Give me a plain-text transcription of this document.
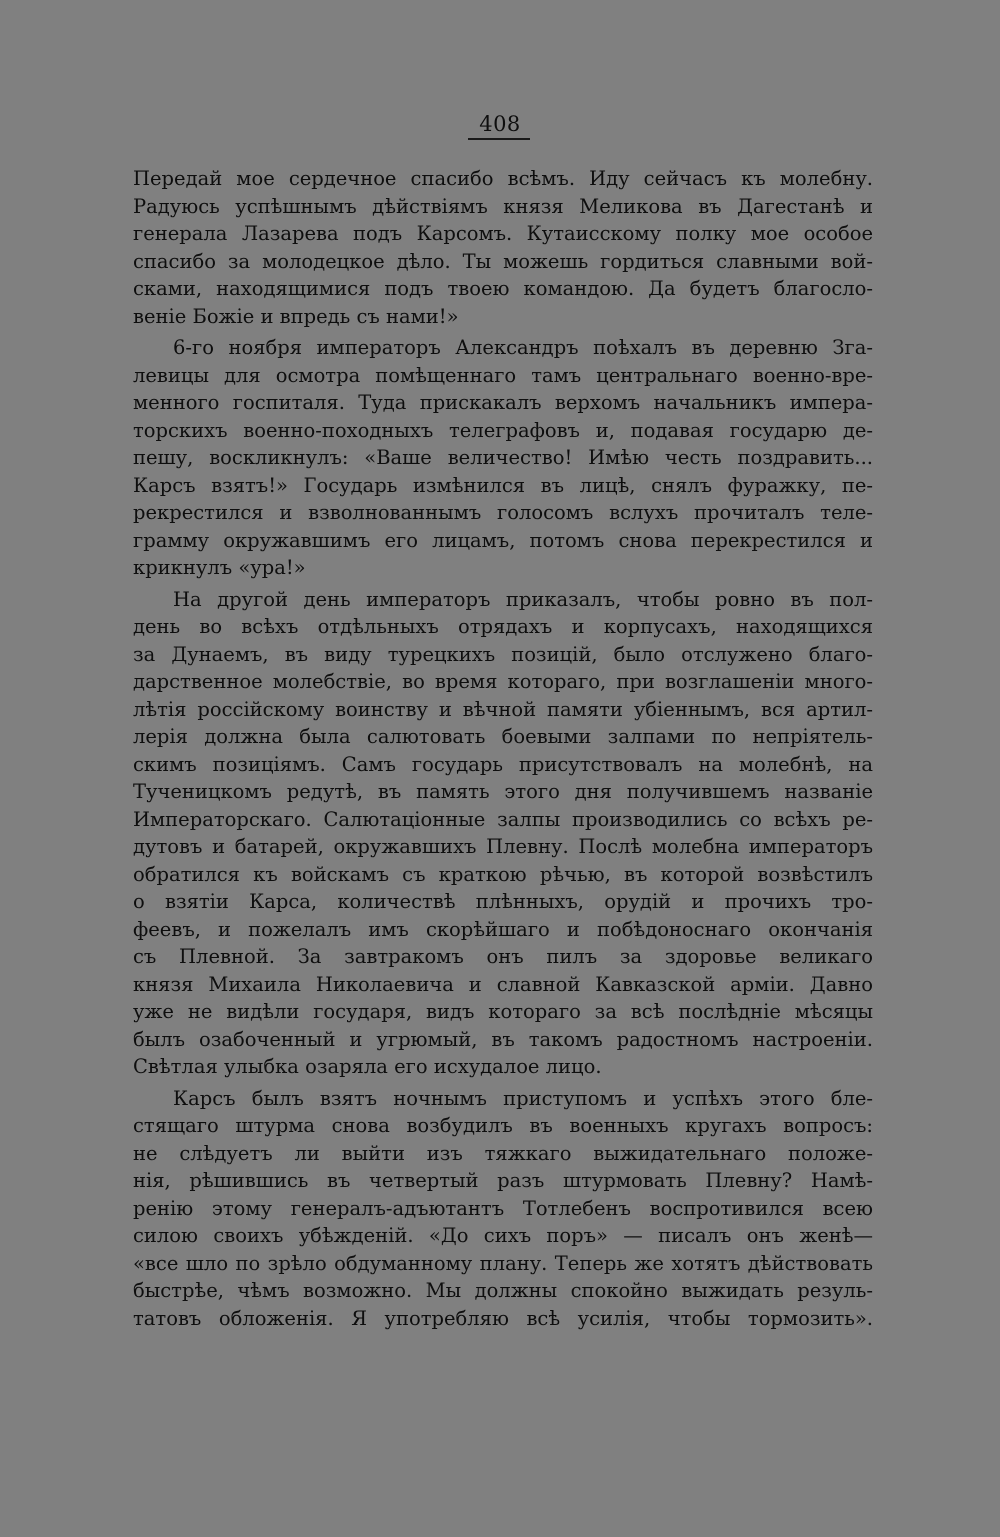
408
Передай мое сердечное спасибо всѣмъ. Иду сейчасъ къ молебну.
Радуюсь успѣшнымъ дѣйствіямъ князя Меликова въ Дагестанѣ и
генерала Лазарева подъ Карсомъ. Кутаисскому полку мое особое
спасибо за молодецкое дѣло. Ты можешь гордиться славными вой-
сками, находящимися подъ твоею командою. Да будетъ благосло-
веніе Божіе и впредь съ нами!»
6-го ноября императоръ Александръ поѣхалъ въ деревню Зга-
левицы для осмотра помѣщеннаго тамъ центральнаго военно-вре-
менного госпиталя. Туда прискакалъ верхомъ начальникъ импера-
торскихъ военно-походныхъ телеграфовъ и, подавая государю де-
пешу, воскликнулъ: «Ваше величество! Имѣю честь поздравить...
Карсъ взятъ!» Государь измѣнился въ лицѣ, снялъ фуражку, пе-
рекрестился и взволнованнымъ голосомъ вслухъ прочиталъ теле-
грамму окружавшимъ его лицамъ, потомъ снова перекрестился и
крикнулъ «ура!»
На другой день императоръ приказалъ, чтобы ровно въ пол-
день во всѣхъ отдѣльныхъ отрядахъ и корпусахъ, находящихся
за Дунаемъ, въ виду турецкихъ позицій, было отслужено благо-
дарственное молебствіе, во время котораго, при возглашеніи много-
лѣтія россійскому воинству и вѣчной памяти убіеннымъ, вся артил-
лерія должна была салютовать боевыми залпами по непріятель-
скимъ позиціямъ. Самъ государь присутствовалъ на молебнѣ, на
Тученицкомъ редутѣ, въ память этого дня получившемъ названіе
Императорскаго. Салютаціонные залпы производились со всѣхъ ре-
дутовъ и батарей, окружавшихъ Плевну. Послѣ молебна императоръ
обратился къ войскамъ съ краткою рѣчью, въ которой возвѣстилъ
о взятіи Карса, количествѣ плѣнныхъ, орудій и прочихъ тро-
феевъ, и пожелалъ имъ скорѣйшаго и побѣдоноснаго окончанія
съ Плевной. За завтракомъ онъ пилъ за здоровье великаго
князя Михаила Николаевича и славной Кавказской арміи. Давно
уже не видѣли государя, видъ котораго за всѣ послѣдніе мѣсяцы
былъ озабоченный и угрюмый, въ такомъ радостномъ настроеніи.
Свѣтлая улыбка озаряла его исхудалое лицо.
Карсъ былъ взятъ ночнымъ приступомъ и успѣхъ этого бле-
стящаго штурма снова возбудилъ въ военныхъ кругахъ вопросъ:
не слѣдуетъ ли выйти изъ тяжкаго выжидательнаго положе-
нія, рѣшившись въ четвертый разъ штурмовать Плевну? Намѣ-
ренію этому генералъ-адъютантъ Тотлебенъ воспротивился всею
силою своихъ убѣжденій. «До сихъ поръ» — писалъ онъ женѣ—
«все шло по зрѣло обдуманному плану. Теперь же хотятъ дѣйствовать
быстрѣе, чѣмъ возможно. Мы должны спокойно выжидать резуль-
татовъ обложенія. Я употребляю всѣ усилія, чтобы тормозить».
